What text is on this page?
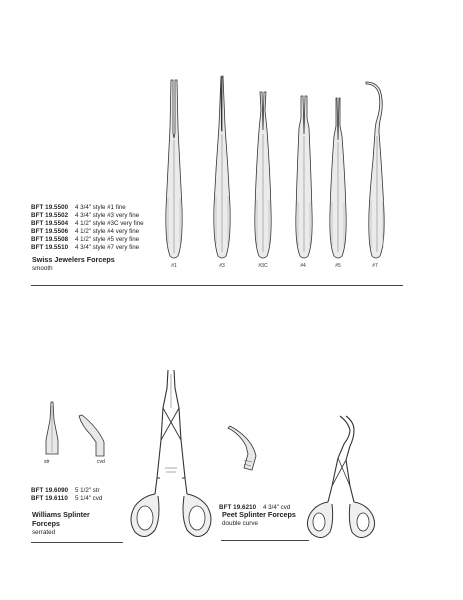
BFT 19.5500 4 3/4" style #1 fine
BFT 19.5502 4 3/4" style #3 very fine
BFT 19.5504 4 1/2" style #3C very fine
BFT 19.5506 4 1/2" style #4 very fine
BFT 19.5508 4 1/2" style #5 very fine
BFT 19.5510 4 3/4" style #7 very fine
Swiss Jewelers Forceps
smooth	#1	#3	#3C	#4	#5	#7
str	cvd
BFT 19.6090 5 1/2" str
BFT 19.6110 5 1/4" cvd
Williams Splinter
Forceps
serrated
BFT 19.6210 4 3/4" cvd
Peet Splinter Forceps
double curve
